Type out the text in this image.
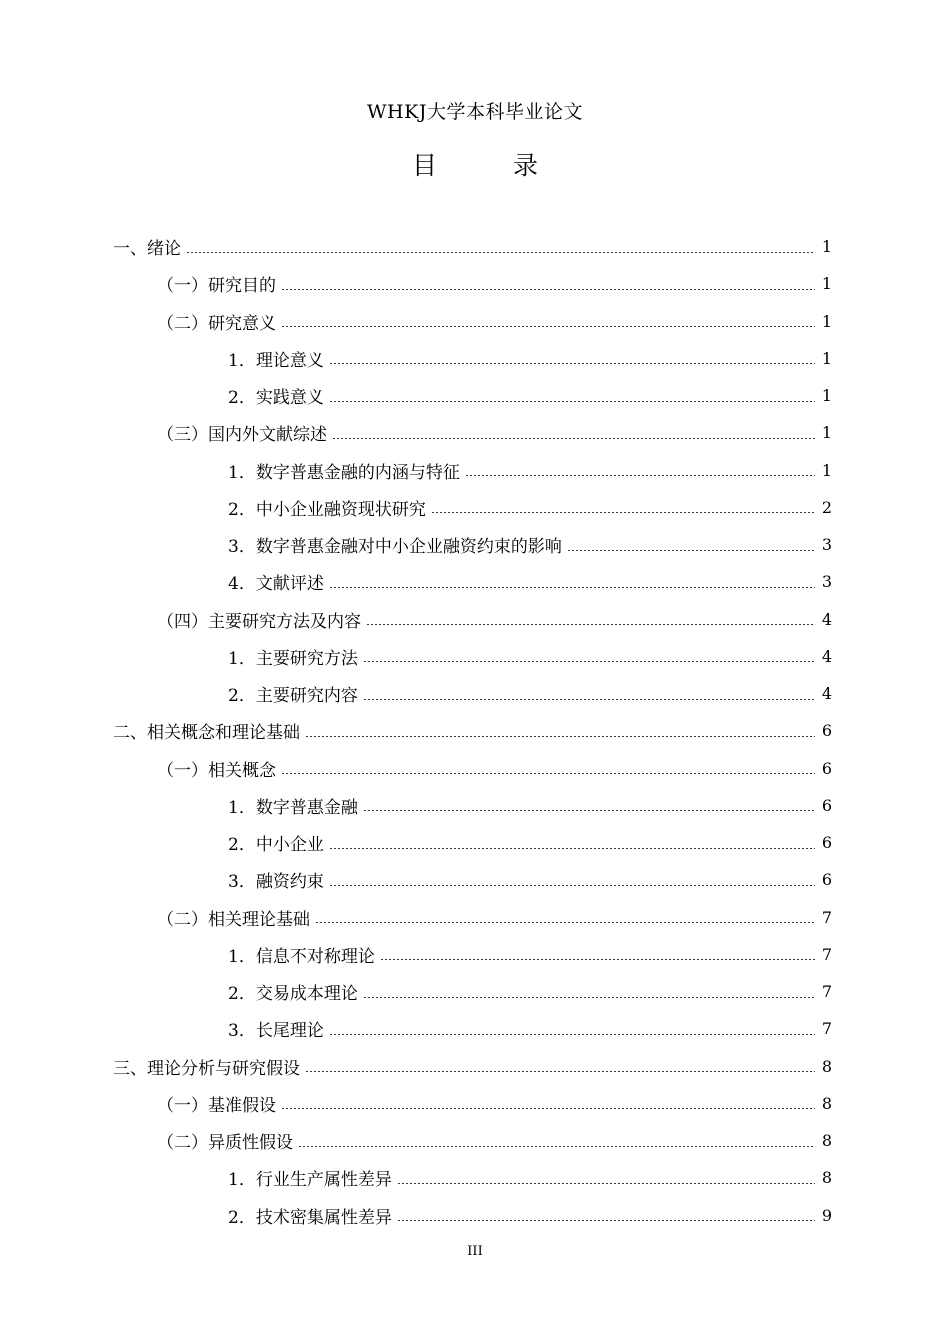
WHKJ大学本科毕业论文
目 录
一、绪论	1
（一）研究目的	1
（二）研究意义	1
1．理论意义	1
2．实践意义	1
（三）国内外文献综述	1
1．数字普惠金融的内涵与特征	1
2．中小企业融资现状研究	2
3．数字普惠金融对中小企业融资约束的影响	3
4．文献评述	3
（四）主要研究方法及内容	4
1．主要研究方法	4
2．主要研究内容	4
二、相关概念和理论基础	6
（一）相关概念	6
1．数字普惠金融	6
2．中小企业	6
3．融资约束	6
（二）相关理论基础	7
1．信息不对称理论	7
2．交易成本理论	7
3．长尾理论	7
三、理论分析与研究假设	8
（一）基准假设	8
（二）异质性假设	8
1．行业生产属性差异	8
2．技术密集属性差异	9
III
